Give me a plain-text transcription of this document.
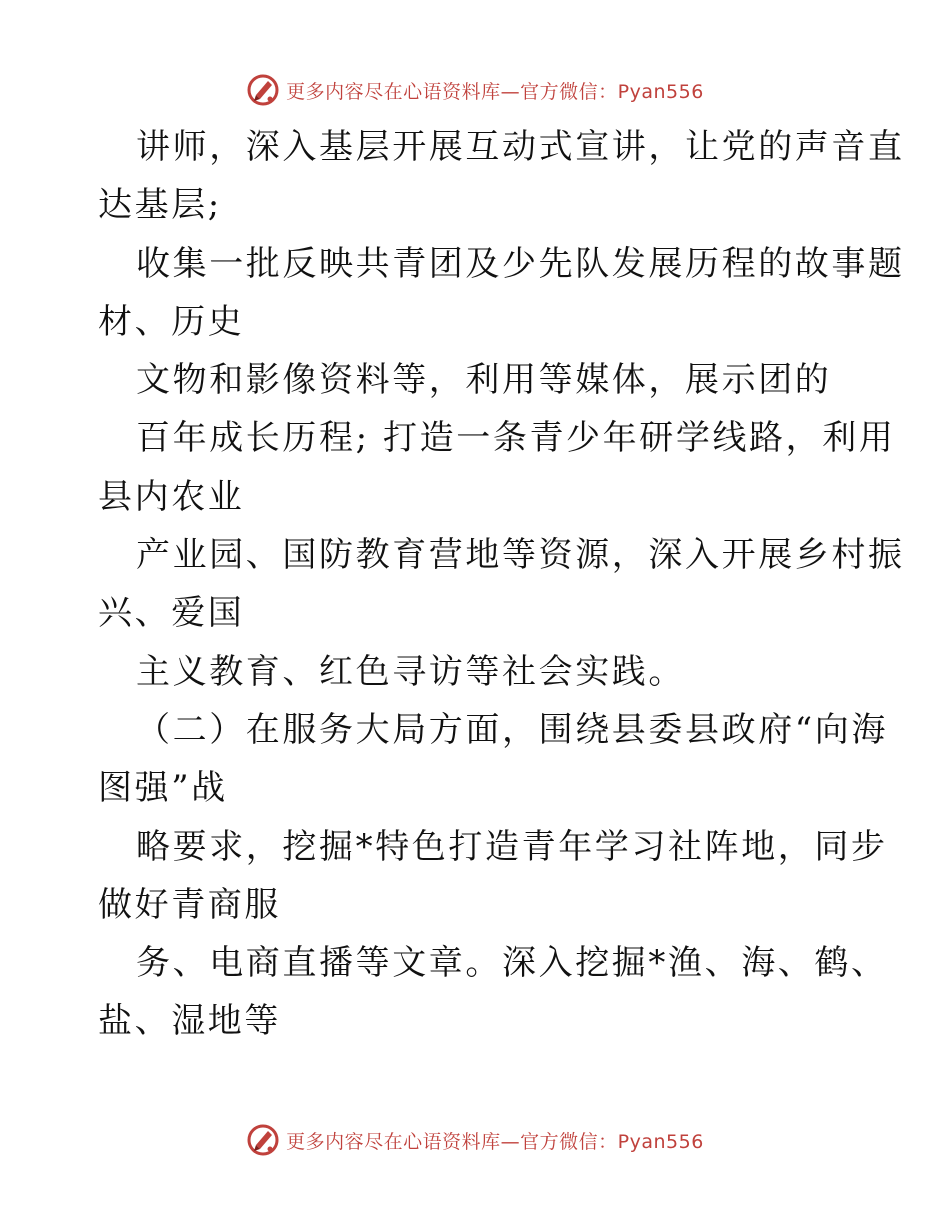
更多内容尽在心语资料库—官方微信：Pyan556
讲师，深入基层开展互动式宣讲，让党的声音直
达基层;
收集一批反映共青团及少先队发展历程的故事题
材、历史
文物和影像资料等，利用等媒体，展示团的
百年成长历程; 打造一条青少年研学线路，利用
县内农业
产业园、国防教育营地等资源，深入开展乡村振
兴、爱国
主义教育、红色寻访等社会实践。
（二）在服务大局方面，围绕县委县政府“向海
图强”战
略要求，挖掘*特色打造青年学习社阵地，同步
做好青商服
务、电商直播等文章。深入挖掘*渔、海、鹤、
盐、湿地等
更多内容尽在心语资料库—官方微信：Pyan556
